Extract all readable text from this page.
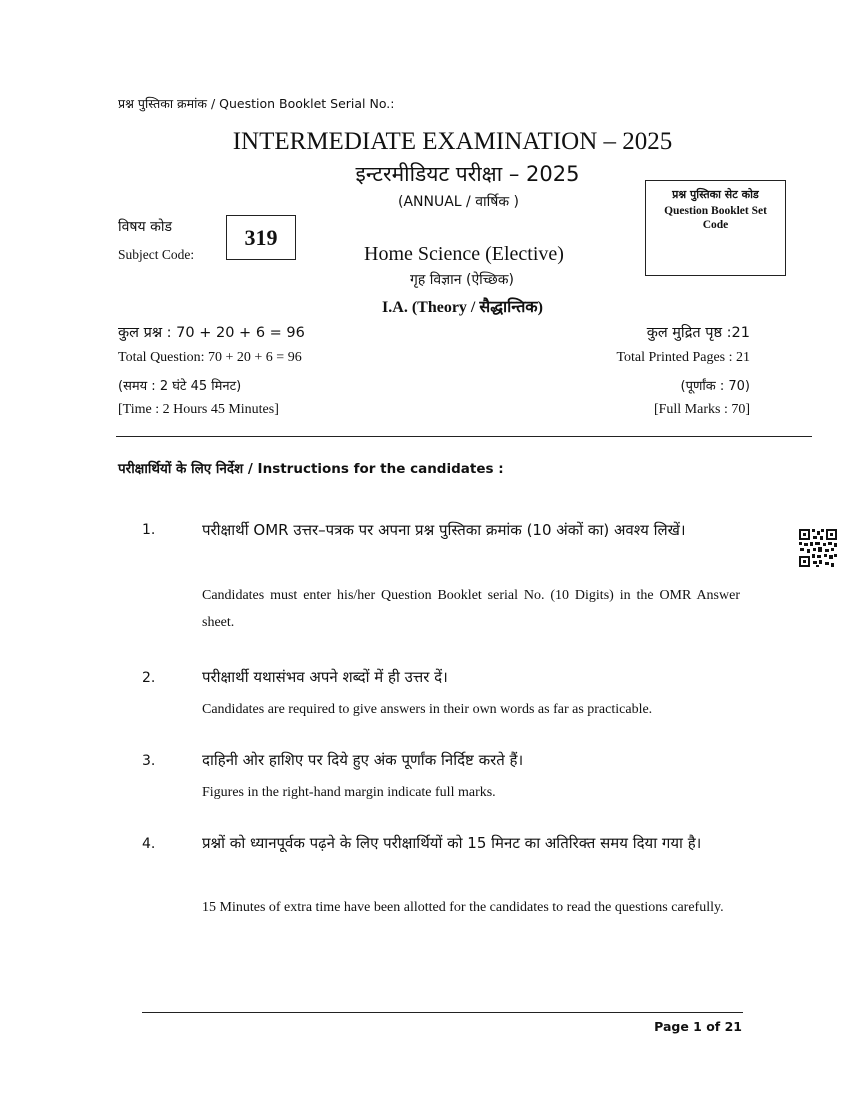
प्रश्न पुस्तिका क्रमांक / Question Booklet Serial No.:
INTERMEDIATE EXAMINATION – 2025
इन्टरमीडियट परीक्षा – 2025
(ANNUAL / वार्षिक )	प्रश्न पुस्तिका सेट कोड
Question Booklet Set Code
विषय कोड
Subject Code:
319
Home Science (Elective)
गृह विज्ञान (ऐच्छिक)
I.A. (Theory / सैद्धान्तिक)
कुल प्रश्न : 70 + 20 + 6 = 96
Total Question: 70 + 20 + 6 = 96
(समय : 2 घंटे 45 मिनट)
[Time : 2 Hours 45 Minutes]
कुल मुद्रित पृष्ठ :21
Total Printed Pages : 21
(पूर्णांक : 70)
[Full Marks : 70]
परीक्षार्थियों के लिए निर्देश / Instructions for the candidates :
1.	परीक्षार्थी OMR उत्तर–पत्रक पर अपना प्रश्न पुस्तिका क्रमांक (10 अंकों का) अवश्य लिखें।
Candidates must enter his/her Question Booklet serial No. (10 Digits) in the OMR Answer sheet.
2.	परीक्षार्थी यथासंभव अपने शब्दों में ही उत्तर दें।
Candidates are required to give answers in their own words as far as practicable.
3.	दाहिनी ओर हाशिए पर दिये हुए अंक पूर्णांक निर्दिष्ट करते हैं।
Figures in the right-hand margin indicate full marks.
4.	प्रश्नों को ध्यानपूर्वक पढ़ने के लिए परीक्षार्थियों को 15 मिनट का अतिरिक्त समय दिया गया है।
15 Minutes of extra time have been allotted for the candidates to read the questions carefully.
Page 1 of 21
